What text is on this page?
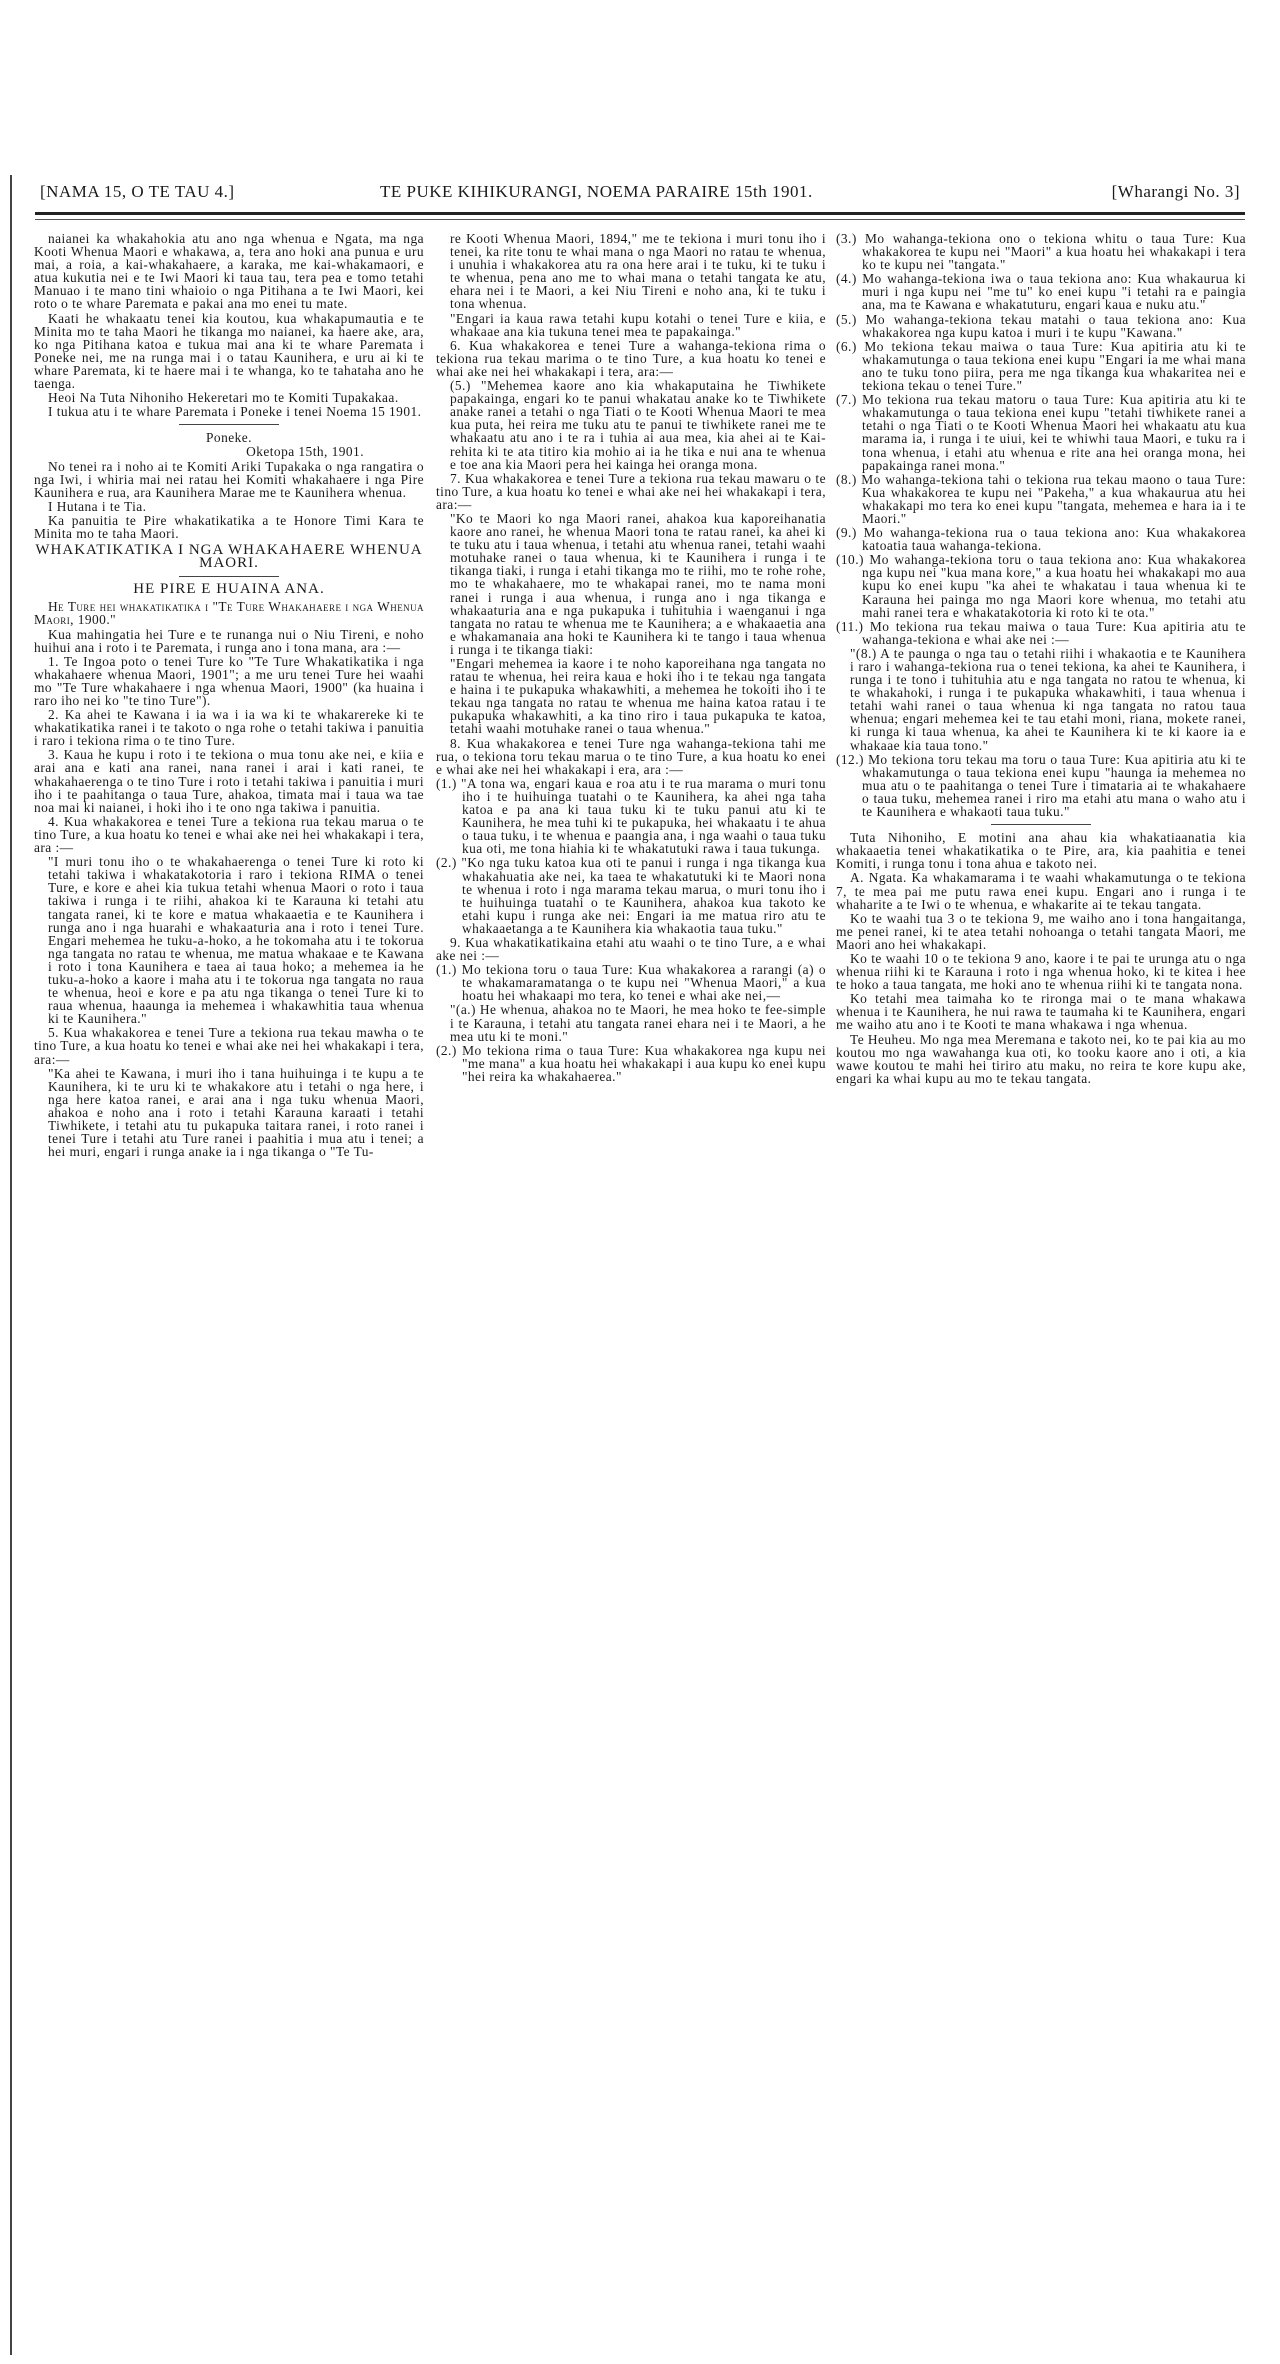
[NAMA 15, O TE TAU 4.]	TE PUKE KIHIKURANGI, NOEMA PARAIRE 15th 1901.	[Wharangi No. 3]

naianei ka whakahokia atu ano nga whenua e Ngata, ma nga Kooti Whenua Maori e whakawa, a, tera ano hoki ana punua e uru mai, a roia, a kai-whakahaere, a karaka, me kai-whakamaori, e atua kukutia nei e te Iwi Maori ki taua tau, tera pea e tomo tetahi Manuao i te mano tini whaioio o nga Pitihana a te Iwi Maori, kei roto o te whare Paremata e pakai ana mo enei tu mate.

Kaati he whakaatu tenei kia koutou, kua whakapumautia e te Minita mo te taha Maori he tikanga mo naianei, ka haere ake, ara, ko nga Pitihana katoa e tukua mai ana ki te whare Paremata i Poneke nei, me na runga mai i o tatau Kaunihera, e uru ai ki te whare Paremata, ki te haere mai i te whanga, ko te tahataha ano he taenga.

Heoi Na Tuta Nihoniho Hekeretari mo te Komiti Tupakakaa.

I tukua atu i te whare Paremata i Poneke i tenei Noema 15 1901.

Poneke.

Oketopa 15th, 1901.

No tenei ra i noho ai te Komiti Ariki Tupakaka o nga rangatira o nga Iwi, i whiria mai nei ratau hei Komiti whakahaere i nga Pire Kaunihera e rua, ara Kaunihera Marae me te Kaunihera whenua.

I Hutana i te Tia.

Ka panuitia te Pire whakatikatika a te Honore Timi Kara te Minita mo te taha Maori.

WHAKATIKATIKA I NGA WHAKAHAERE WHENUA MAORI.

HE PIRE E HUAINA ANA.

He Ture hei whakatikatika i "Te Ture Whakahaere i nga Whenua Maori, 1900."

Kua mahingatia hei Ture e te runanga nui o Niu Tireni, e noho huihui ana i roto i te Paremata, i runga ano i tona mana, ara :—

1. Te Ingoa poto o tenei Ture ko "Te Ture Whakatikatika i nga whakahaere whenua Maori, 1901"; a me uru tenei Ture hei waahi mo "Te Ture whakahaere i nga whenua Maori, 1900" (ka huaina i raro iho nei ko "te tino Ture").

2. Ka ahei te Kawana i ia wa i ia wa ki te whakarereke ki te whakatikatika ranei i te takoto o nga rohe o tetahi takiwa i panuitia i raro i tekiona rima o te tino Ture.

3. Kaua he kupu i roto i te tekiona o mua tonu ake nei, e kiia e arai ana e kati ana ranei, nana ranei i arai i kati ranei, te whakahaerenga o te tino Ture i roto i tetahi takiwa i panuitia i muri iho i te paahitanga o taua Ture, ahakoa, timata mai i taua wa tae noa mai ki naianei, i hoki iho i te ono nga takiwa i panuitia.

4. Kua whakakorea e tenei Ture a tekiona rua tekau marua o te tino Ture, a kua hoatu ko tenei e whai ake nei hei whakakapi i tera, ara :—

"I muri tonu iho o te whakahaerenga o tenei Ture ki roto ki tetahi takiwa i whakatakotoria i raro i tekiona RIMA o tenei Ture, e kore e ahei kia tukua tetahi whenua Maori o roto i taua takiwa i runga i te riihi, ahakoa ki te Karauna ki tetahi atu tangata ranei, ki te kore e matua whakaaetia e te Kaunihera i runga ano i nga huarahi e whakaaturia ana i roto i tenei Ture. Engari mehemea he tuku-a-hoko, a he tokomaha atu i te tokorua nga tangata no ratau te whenua, me matua whakaae e te Kawana i roto i tona Kaunihera e taea ai taua hoko; a mehemea ia he tuku-a-hoko a kaore i maha atu i te tokorua nga tangata no raua te whenua, heoi e kore e pa atu nga tikanga o tenei Ture ki to raua whenua, haaunga ia mehemea i whakawhitia taua whenua ki te Kaunihera."

5. Kua whakakorea e tenei Ture a tekiona rua tekau mawha o te tino Ture, a kua hoatu ko tenei e whai ake nei hei whakakapi i tera, ara:—

"Ka ahei te Kawana, i muri iho i tana huihuinga i te kupu a te Kaunihera, ki te uru ki te whakakore atu i tetahi o nga here, i nga here katoa ranei, e arai ana i nga tuku whenua Maori, ahakoa e noho ana i roto i tetahi Karauna karaati i tetahi Tiwhikete, i tetahi atu tu pukapuka taitara ranei, i roto ranei i tenei Ture i tetahi atu Ture ranei i paahitia i mua atu i tenei; a hei muri, engari i runga anake ia i nga tikanga o "Te Tu-

re Kooti Whenua Maori, 1894," me te tekiona i muri tonu iho i tenei, ka rite tonu te whai mana o nga Maori no ratau te whenua, i unuhia i whakakorea atu ra ona here arai i te tuku, ki te tuku i te whenua, pena ano me to whai mana o tetahi tangata ke atu, ehara nei i te Maori, a kei Niu Tireni e noho ana, ki te tuku i tona whenua.

"Engari ia kaua rawa tetahi kupu kotahi o tenei Ture e kiia, e whakaae ana kia tukuna tenei mea te papakainga."

6. Kua whakakorea e tenei Ture a wahanga-tekiona rima o tekiona rua tekau marima o te tino Ture, a kua hoatu ko tenei e whai ake nei hei whakakapi i tera, ara:—

(5.) "Mehemea kaore ano kia whakaputaina he Tiwhikete papakainga, engari ko te panui whakatau anake ko te Tiwhikete anake ranei a tetahi o nga Tiati o te Kooti Whenua Maori te mea kua puta, hei reira me tuku atu te panui te tiwhikete ranei me te whakaatu atu ano i te ra i tuhia ai aua mea, kia ahei ai te Kai-rehita ki te ata titiro kia mohio ai ia he tika e nui ana te whenua e toe ana kia Maori pera hei kainga hei oranga mona.

7. Kua whakakorea e tenei Ture a tekiona rua tekau mawaru o te tino Ture, a kua hoatu ko tenei e whai ake nei hei whakakapi i tera, ara:—

"Ko te Maori ko nga Maori ranei, ahakoa kua kaporeihanatia kaore ano ranei, he whenua Maori tona te ratau ranei, ka ahei ki te tuku atu i taua whenua, i tetahi atu whenua ranei, tetahi waahi motuhake ranei o taua whenua, ki te Kaunihera i runga i te tikanga tiaki, i runga i etahi tikanga mo te riihi, mo te rohe rohe, mo te whakahaere, mo te whakapai ranei, mo te nama moni ranei i runga i aua whenua, i runga ano i nga tikanga e whakaaturia ana e nga pukapuka i tuhituhia i waenganui i nga tangata no ratau te whenua me te Kaunihera; a e whakaaetia ana e whakamanaia ana hoki te Kaunihera ki te tango i taua whenua i runga i te tikanga tiaki:

"Engari mehemea ia kaore i te noho kaporeihana nga tangata no ratau te whenua, hei reira kaua e hoki iho i te tekau nga tangata e haina i te pukapuka whakawhiti, a mehemea he tokoiti iho i te tekau nga tangata no ratau te whenua me haina katoa ratau i te pukapuka whakawhiti, a ka tino riro i taua pukapuka te katoa, tetahi waahi motuhake ranei o taua whenua."

8. Kua whakakorea e tenei Ture nga wahanga-tekiona tahi me rua, o tekiona toru tekau marua o te tino Ture, a kua hoatu ko enei e whai ake nei hei whakakapi i era, ara :—

(1.) "A tona wa, engari kaua e roa atu i te rua marama o muri tonu iho i te huihuinga tuatahi o te Kaunihera, ka ahei nga taha katoa e pa ana ki taua tuku ki te tuku panui atu ki te Kaunihera, he mea tuhi ki te pukapuka, hei whakaatu i te ahua o taua tuku, i te whenua e paangia ana, i nga waahi o taua tuku kua oti, me tona hiahia ki te whakatutuki rawa i taua tukunga.

(2.) "Ko nga tuku katoa kua oti te panui i runga i nga tikanga kua whakahuatia ake nei, ka taea te whakatutuki ki te Maori nona te whenua i roto i nga marama tekau marua, o muri tonu iho i te huihuinga tuatahi o te Kaunihera, ahakoa kua takoto ke etahi kupu i runga ake nei: Engari ia me matua riro atu te whakaaetanga a te Kaunihera kia whakaotia taua tuku."

9. Kua whakatikatikaina etahi atu waahi o te tino Ture, a e whai ake nei :—

(1.) Mo tekiona toru o taua Ture: Kua whakakorea a rarangi (a) o te whakamaramatanga o te kupu nei "Whenua Maori," a kua hoatu hei whakaapi mo tera, ko tenei e whai ake nei,—

"(a.) He whenua, ahakoa no te Maori, he mea hoko te fee-simple i te Karauna, i tetahi atu tangata ranei ehara nei i te Maori, a he mea utu ki te moni."

(2.) Mo tekiona rima o taua Ture: Kua whakakorea nga kupu nei "me mana" a kua hoatu hei whakakapi i aua kupu ko enei kupu "hei reira ka whakahaerea."

(3.) Mo wahanga-tekiona ono o tekiona whitu o taua Ture: Kua whakakorea te kupu nei "Maori" a kua hoatu hei whakakapi i tera ko te kupu nei "tangata."

(4.) Mo wahanga-tekiona iwa o taua tekiona ano: Kua whakaurua ki muri i nga kupu nei "me tu" ko enei kupu "i tetahi ra e paingia ana, ma te Kawana e whakatuturu, engari kaua e nuku atu."

(5.) Mo wahanga-tekiona tekau matahi o taua tekiona ano: Kua whakakorea nga kupu katoa i muri i te kupu "Kawana."

(6.) Mo tekiona tekau maiwa o taua Ture: Kua apitiria atu ki te whakamutunga o taua tekiona enei kupu "Engari ia me whai mana ano te tuku tono piira, pera me nga tikanga kua whakaritea nei e tekiona tekau o tenei Ture."

(7.) Mo tekiona rua tekau matoru o taua Ture: Kua apitiria atu ki te whakamutunga o taua tekiona enei kupu "tetahi tiwhikete ranei a tetahi o nga Tiati o te Kooti Whenua Maori hei whakaatu atu kua marama ia, i runga i te uiui, kei te whiwhi taua Maori, e tuku ra i tona whenua, i etahi atu whenua e rite ana hei oranga mona, hei papakainga ranei mona."

(8.) Mo wahanga-tekiona tahi o tekiona rua tekau maono o taua Ture: Kua whakakorea te kupu nei "Pakeha," a kua whakaurua atu hei whakakapi mo tera ko enei kupu "tangata, mehemea e hara ia i te Maori."

(9.) Mo wahanga-tekiona rua o taua tekiona ano: Kua whakakorea katoatia taua wahanga-tekiona.

(10.) Mo wahanga-tekiona toru o taua tekiona ano: Kua whakakorea nga kupu nei "kua mana kore," a kua hoatu hei whakakapi mo aua kupu ko enei kupu "ka ahei te whakatau i taua whenua ki te Karauna hei painga mo nga Maori kore whenua, mo tetahi atu mahi ranei tera e whakatakotoria ki roto ki te ota."

(11.) Mo tekiona rua tekau maiwa o taua Ture: Kua apitiria atu te wahanga-tekiona e whai ake nei :—

"(8.) A te paunga o nga tau o tetahi riihi i whakaotia e te Kaunihera i raro i wahanga-tekiona rua o tenei tekiona, ka ahei te Kaunihera, i runga i te tono i tuhituhia atu e nga tangata no ratou te whenua, ki te whakahoki, i runga i te pukapuka whakawhiti, i taua whenua i tetahi wahi ranei o taua whenua ki nga tangata no ratou taua whenua; engari mehemea kei te tau etahi moni, riana, mokete ranei, ki runga ki taua whenua, ka ahei te Kaunihera ki te ki kaore ia e whakaae kia taua tono."

(12.) Mo tekiona toru tekau ma toru o taua Ture: Kua apitiria atu ki te whakamutunga o taua tekiona enei kupu "haunga ia mehemea no mua atu o te paahitanga o tenei Ture i timataria ai te whakahaere o taua tuku, mehemea ranei i riro ma etahi atu mana o waho atu i te Kaunihera e whakaoti taua tuku."

Tuta Nihoniho, E motini ana ahau kia whakatiaanatia kia whakaaetia tenei whakatikatika o te Pire, ara, kia paahitia e tenei Komiti, i runga tonu i tona ahua e takoto nei.

A. Ngata. Ka whakamarama i te waahi whakamutunga o te tekiona 7, te mea pai me putu rawa enei kupu. Engari ano i runga i te whaharite a te Iwi o te whenua, e whakarite ai te tekau tangata.

Ko te waahi tua 3 o te tekiona 9, me waiho ano i tona hangaitanga, me penei ranei, ki te atea tetahi nohoanga o tetahi tangata Maori, me Maori ano hei whakakapi.

Ko te waahi 10 o te tekiona 9 ano, kaore i te pai te urunga atu o nga whenua riihi ki te Karauna i roto i nga whenua hoko, ki te kitea i hee te hoko a taua tangata, me hoki ano te whenua riihi ki te tangata nona.

Ko tetahi mea taimaha ko te rironga mai o te mana whakawa whenua i te Kaunihera, he nui rawa te taumaha ki te Kaunihera, engari me waiho atu ano i te Kooti te mana whakawa i nga whenua.

Te Heuheu. Mo nga mea Meremana e takoto nei, ko te pai kia au mo koutou mo nga wawahanga kua oti, ko tooku kaore ano i oti, a kia wawe koutou te mahi hei tiriro atu maku, no reira te kore kupu ake, engari ka whai kupu au mo te tekau tangata.
